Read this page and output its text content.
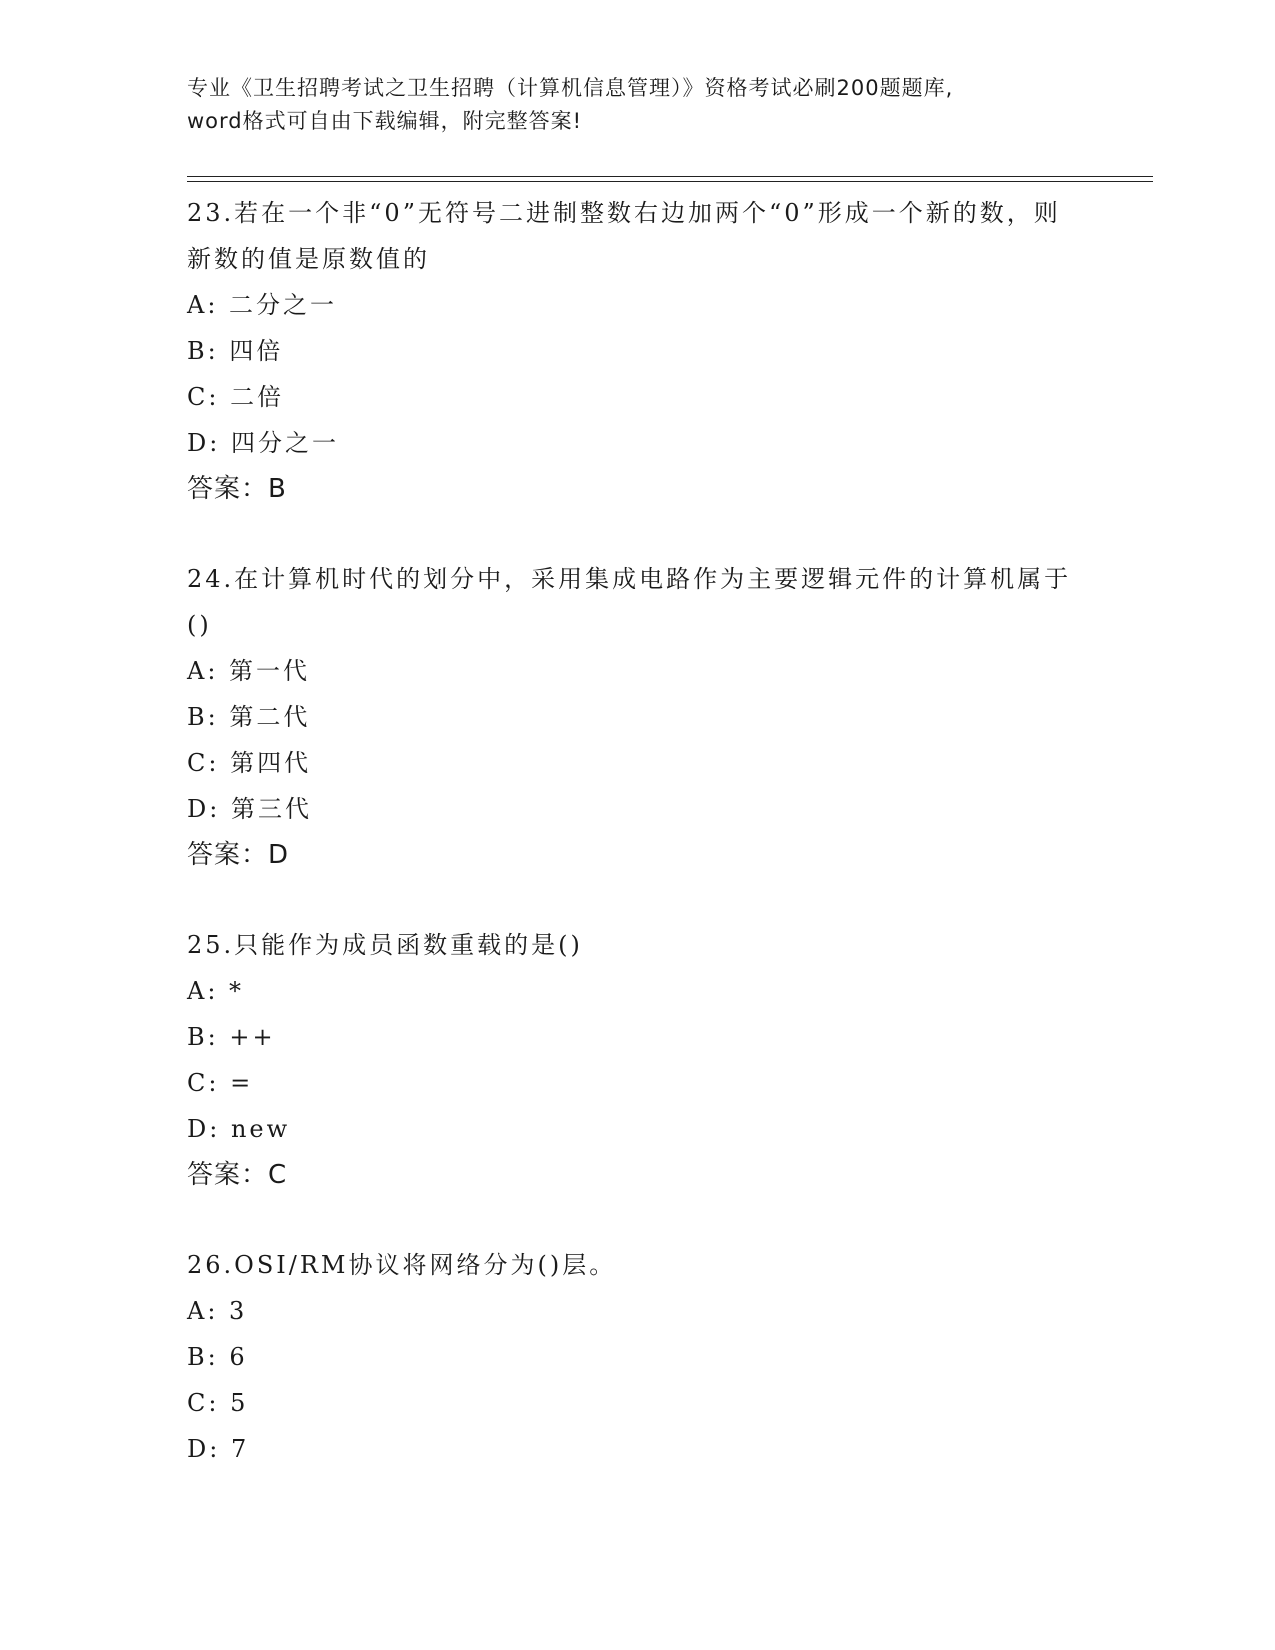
专业《卫生招聘考试之卫生招聘（计算机信息管理）》资格考试必刷200题题库,

word格式可自由下载编辑，附完整答案!

23.若在一个非“0”无符号二进制整数右边加两个“0”形成一个新的数，则新数的值是原数值的

A: 二分之一
B: 四倍
C: 二倍
D: 四分之一
答案：B

24.在计算机时代的划分中，采用集成电路作为主要逻辑元件的计算机属于()

A: 第一代
B: 第二代
C: 第四代
D: 第三代
答案：D

25.只能作为成员函数重载的是()

A: *
B: ++
C: =
D: new
答案：C

26.OSI/RM协议将网络分为()层。

A: 3
B: 6
C: 5
D: 7
